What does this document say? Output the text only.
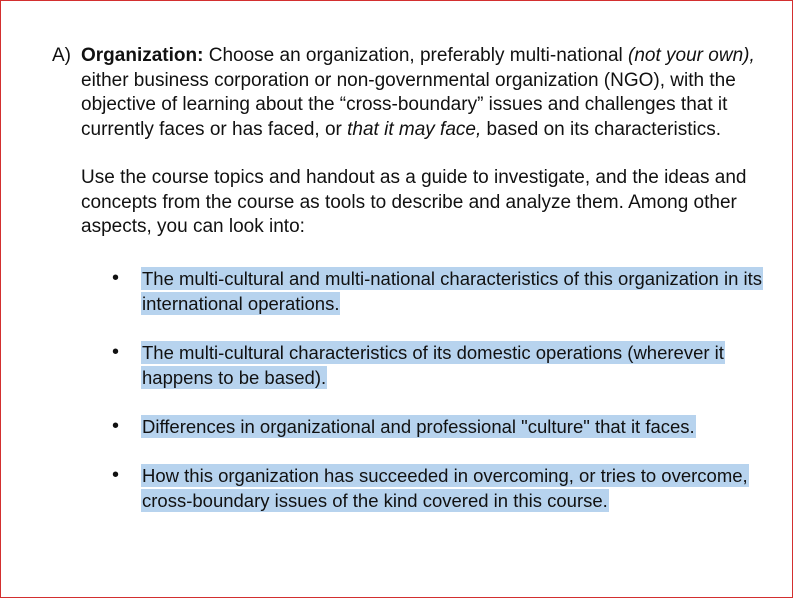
A) Organization: Choose an organization, preferably multi-national (not your own), either business corporation or non-governmental organization (NGO), with the objective of learning about the “cross-boundary” issues and challenges that it currently faces or has faced, or that it may face, based on its characteristics.
Use the course topics and handout as a guide to investigate, and the ideas and concepts from the course as tools to describe and analyze them. Among other aspects, you can look into:
•	The multi-cultural and multi-national characteristics of this organization in its international operations.
•	The multi-cultural characteristics of its domestic operations (wherever it happens to be based).
•	Differences in organizational and professional "culture" that it faces.
•	How this organization has succeeded in overcoming, or tries to overcome, cross-boundary issues of the kind covered in this course.
